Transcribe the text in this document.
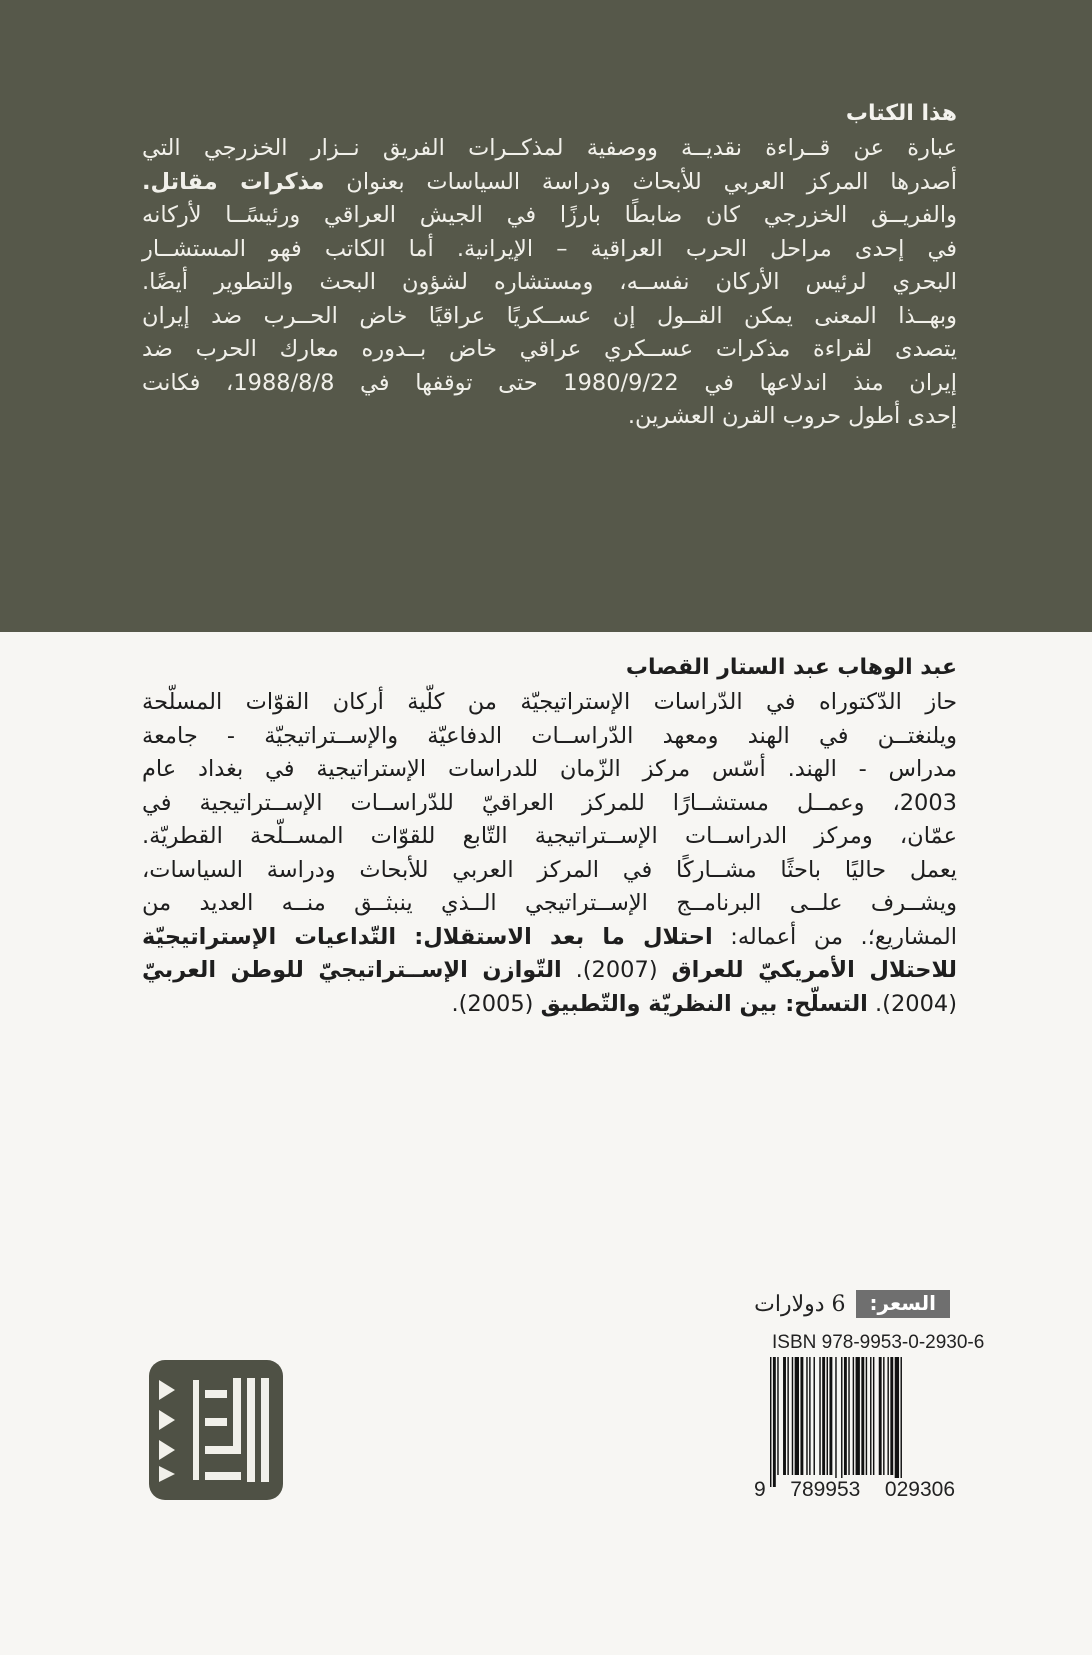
هذا الكتاب
عبارة عن قــراءة نقديــة ووصفية لمذكــرات الفريق نــزار الخزرجي التي
أصدرها المركز العربي للأبحاث ودراسة السياسات بعنوان مذكرات مقاتل.
والفريــق الخزرجي كان ضابطًا بارزًا في الجيش العراقي ورئيسًــا لأركانه
في إحدى مراحل الحرب العراقية – الإيرانية. أما الكاتب فهو المستشــار
البحري لرئيس الأركان نفســه، ومستشاره لشؤون البحث والتطوير أيضًا.
وبهــذا المعنى يمكن القــول إن عســكريًا عراقيًا خاض الحــرب ضد إيران
يتصدى لقراءة مذكرات عســكري عراقي خاض بــدوره معارك الحرب ضد
إيران منذ اندلاعها في 1980/9/22 حتى توقفها في 1988/8/8، فكانت
إحدى أطول حروب القرن العشرين.
عبد الوهاب عبد الستار القصاب
حاز الدّكتوراه في الدّراسات الإستراتيجيّة من كلّية أركان القوّات المسلّحة
ويلنغتــن في الهند ومعهد الدّراســات الدفاعيّة والإســتراتيجيّة - جامعة
مدراس - الهند. أسّس مركز الزّمان للدراسات الإستراتيجية في بغداد عام
2003، وعمــل مستشــارًا للمركز العراقيّ للدّراســات الإســتراتيجية في
عمّان، ومركز الدراســات الإســتراتيجية التّابع للقوّات المســلّحة القطريّة.
يعمل حاليًا باحثًا مشــاركًا في المركز العربي للأبحاث ودراسة السياسات،
ويشــرف علــى البرنامــج الإســتراتيجي الــذي ينبثــق منــه العديد من
المشاريع؛. من أعماله: احتلال ما بعد الاستقلال: التّداعيات الإستراتيجيّة
للاحتلال الأمريكيّ للعراق (2007). التّوازن الإســتراتيجيّ للوطن العربيّ
(2004). التسلّح: بين النظريّة والتّطبيق (2005).
السعر:
6 دولارات
ISBN 978-9953-0-2930-6
9 789953 029306
